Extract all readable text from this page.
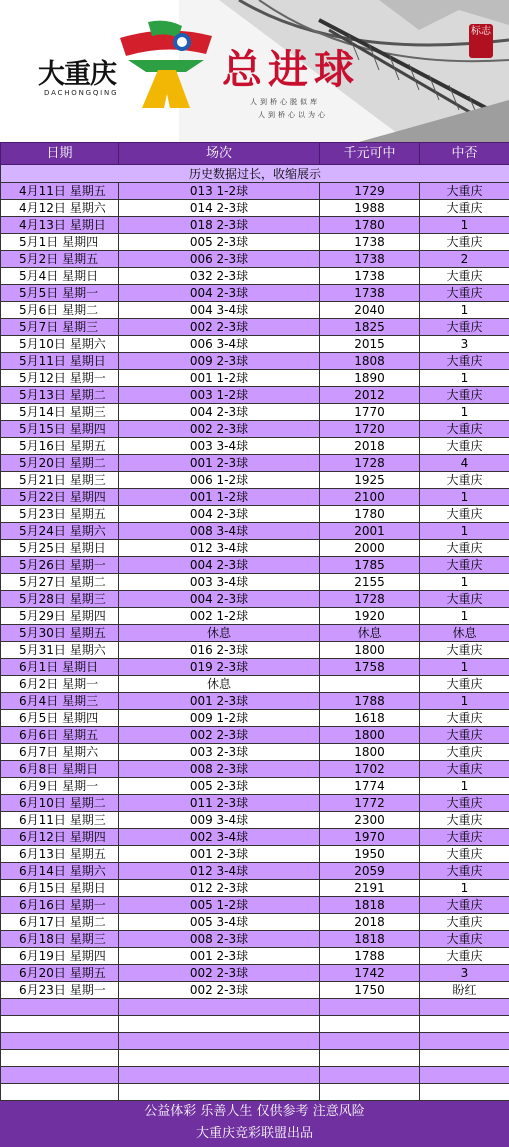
大重庆
DACHONGQING	总进球
人到桥心脱似库
人到桥心以为心
标志
日期	场次	千元可中	中否
历史数据过长，收缩展示			
4月11日 星期五	013 1-2球	1729	大重庆
4月12日 星期六	014 2-3球	1988	大重庆
4月13日 星期日	018 2-3球	1780	1
5月1日 星期四	005 2-3球	1738	大重庆
5月2日 星期五	006 2-3球	1738	2
5月4日 星期日	032 2-3球	1738	大重庆
5月5日 星期一	004 2-3球	1738	大重庆
5月6日 星期二	004 3-4球	2040	1
5月7日 星期三	002 2-3球	1825	大重庆
5月10日 星期六	006 3-4球	2015	3
5月11日 星期日	009 2-3球	1808	大重庆
5月12日 星期一	001 1-2球	1890	1
5月13日 星期二	003 1-2球	2012	大重庆
5月14日 星期三	004 2-3球	1770	1
5月15日 星期四	002 2-3球	1720	大重庆
5月16日 星期五	003 3-4球	2018	大重庆
5月20日 星期二	001 2-3球	1728	4
5月21日 星期三	006 1-2球	1925	大重庆
5月22日 星期四	001 1-2球	2100	1
5月23日 星期五	004 2-3球	1780	大重庆
5月24日 星期六	008 3-4球	2001	1
5月25日 星期日	012 3-4球	2000	大重庆
5月26日 星期一	004 2-3球	1785	大重庆
5月27日 星期二	003 3-4球	2155	1
5月28日 星期三	004 2-3球	1728	大重庆
5月29日 星期四	002 1-2球	1920	1
5月30日 星期五	休息	休息	休息
5月31日 星期六	016 2-3球	1800	大重庆
6月1日 星期日	019 2-3球	1758	1
6月2日 星期一	休息		大重庆
6月4日 星期三	001 2-3球	1788	1
6月5日 星期四	009 1-2球	1618	大重庆
6月6日 星期五	002 2-3球	1800	大重庆
6月7日 星期六	003 2-3球	1800	大重庆
6月8日 星期日	008 2-3球	1702	大重庆
6月9日 星期一	005 2-3球	1774	1
6月10日 星期二	011 2-3球	1772	大重庆
6月11日 星期三	009 3-4球	2300	大重庆
6月12日 星期四	002 3-4球	1970	大重庆
6月13日 星期五	001 2-3球	1950	大重庆
6月14日 星期六	012 3-4球	2059	大重庆
6月15日 星期日	012 2-3球	2191	1
6月16日 星期一	005 1-2球	1818	大重庆
6月17日 星期二	005 3-4球	2018	大重庆
6月18日 星期三	008 2-3球	1818	大重庆
6月19日 星期四	001 2-3球	1788	大重庆
6月20日 星期五	002 2-3球	1742	3
6月23日 星期一	002 2-3球	1750	盼红

公益体彩 乐善人生 仅供参考 注意风险
大重庆竞彩联盟出品
